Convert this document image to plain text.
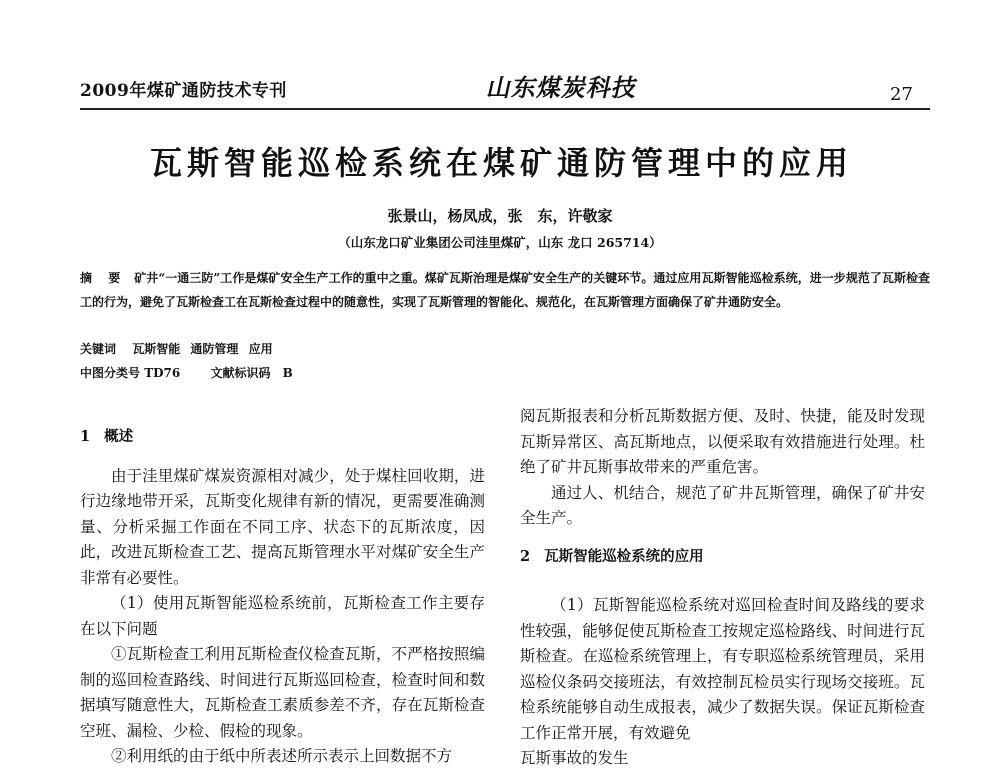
2009年煤矿通防技术专刊	山东煤炭科技	27
瓦斯智能巡检系统在煤矿通防管理中的应用
张景山，杨凤成，张　东，许敬家
（山东龙口矿业集团公司洼里煤矿，山东 龙口 265714）
摘 要 矿井“一通三防”工作是煤矿安全生产工作的重中之重。煤矿瓦斯治理是煤矿安全生产的关键环节。通过应用瓦斯智能巡检系统，进一步规范了瓦斯检查工的行为，避免了瓦斯检查工在瓦斯检查过程中的随意性，实现了瓦斯管理的智能化、规范化，在瓦斯管理方面确保了矿井通防安全。
关键词 瓦斯智能 通防管理 应用
中图分类号 TD76	文献标识码 B

1 概述

由于洼里煤矿煤炭资源相对减少，处于煤柱回收期，进行边缘地带开采，瓦斯变化规律有新的情况，更需要准确测量、分析采掘工作面在不同工序、状态下的瓦斯浓度，因此，改进瓦斯检查工艺、提高瓦斯管理水平对煤矿安全生产非常有必要性。

（1）使用瓦斯智能巡检系统前，瓦斯检查工作主要存在以下问题

①瓦斯检查工利用瓦斯检查仪检查瓦斯，不严格按照编制的巡回检查路线、时间进行瓦斯巡回检查，检查时间和数据填写随意性大，瓦斯检查工素质参差不齐，存在瓦斯检查空班、漏检、少检、假检的现象。

②利用纸的由于纸中所表述所示表示上回数据不方

阅瓦斯报表和分析瓦斯数据方便、及时、快捷，能及时发现瓦斯异常区、高瓦斯地点，以便采取有效措施进行处理。杜绝了矿井瓦斯事故带来的严重危害。

通过人、机结合，规范了矿井瓦斯管理，确保了矿井安全生产。

2 瓦斯智能巡检系统的应用

（1）瓦斯智能巡检系统对巡回检查时间及路线的要求性较强，能够促使瓦斯检查工按规定巡检路线、时间进行瓦斯检查。在巡检系统管理上，有专职巡检系统管理员，采用巡检仪条码交接班法，有效控制瓦检员实行现场交接班。瓦检系统能够自动生成报表，减少了数据失误。保证瓦斯检查工作正常开展，有效避免

瓦斯事故的发生
